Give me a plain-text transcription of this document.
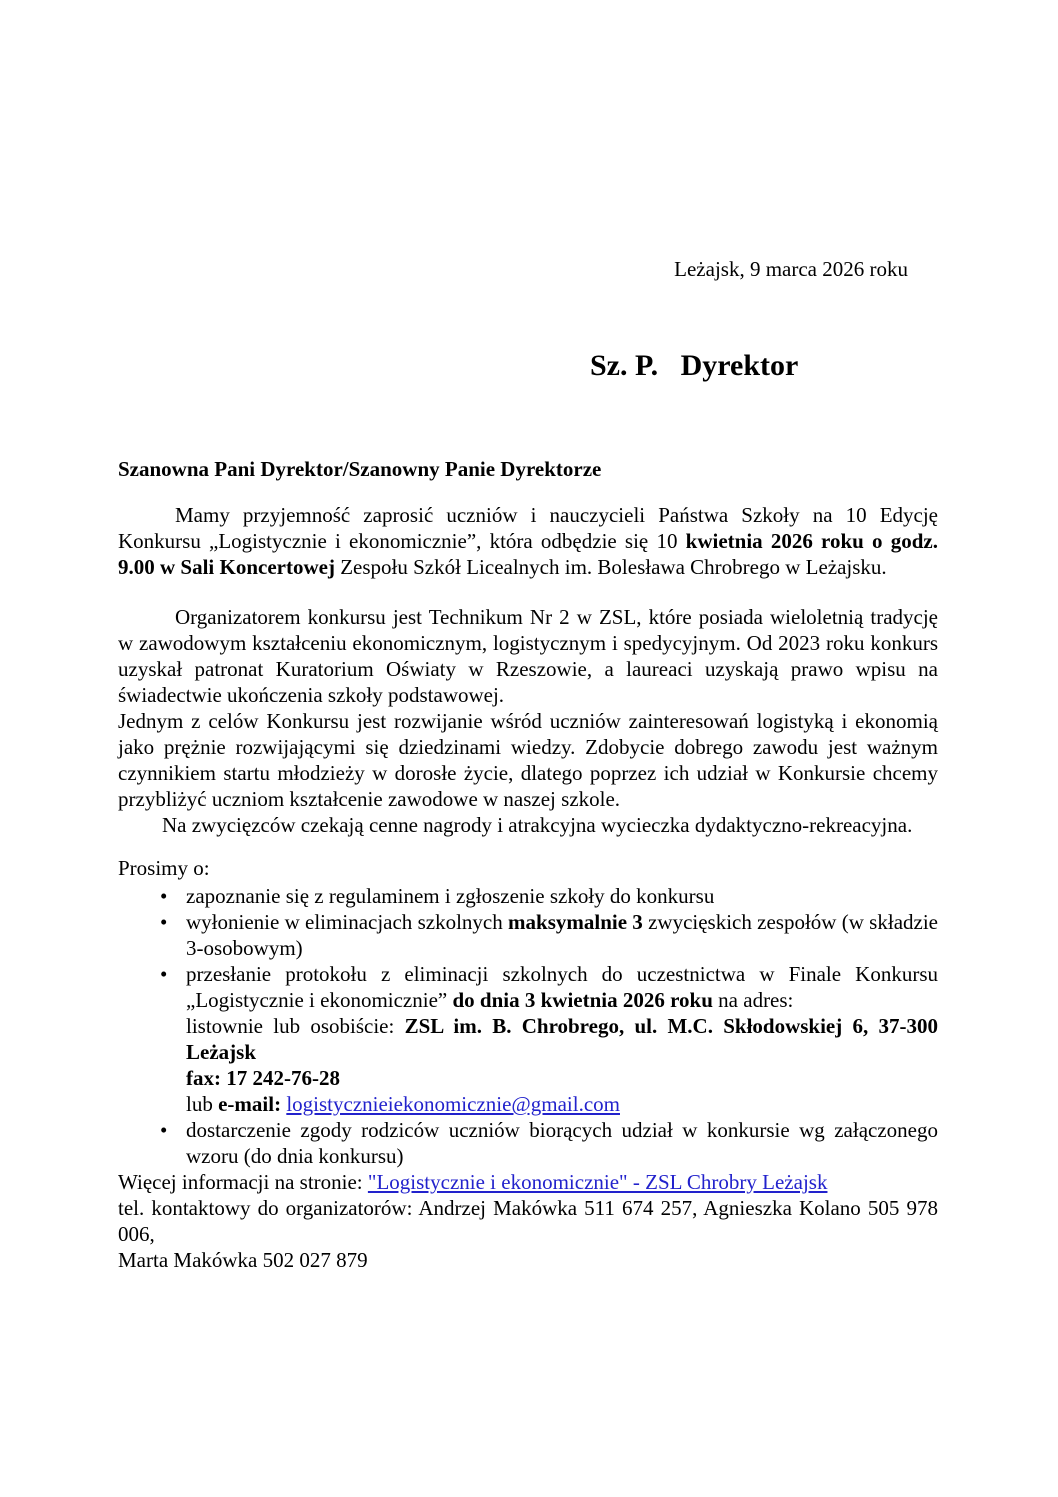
Leżajsk, 9 marca 2026 roku

Sz. P.   Dyrektor

Szanowna Pani Dyrektor/Szanowny Panie Dyrektorze

Mamy przyjemność zaprosić uczniów i nauczycieli Państwa Szkoły na 10 Edycję Konkursu „Logistycznie i ekonomicznie”, która odbędzie się 10 kwietnia 2026 roku o godz. 9.00 w Sali Koncertowej Zespołu Szkół Licealnych im. Bolesława Chrobrego w Leżajsku.

Organizatorem konkursu jest Technikum Nr 2 w ZSL, które posiada wieloletnią tradycję w zawodowym kształceniu ekonomicznym, logistycznym i spedycyjnym. Od 2023 roku konkurs uzyskał patronat Kuratorium Oświaty w Rzeszowie, a laureaci uzyskają prawo wpisu na świadectwie ukończenia szkoły podstawowej.

Jednym z celów Konkursu jest rozwijanie wśród uczniów zainteresowań logistyką i ekonomią jako prężnie rozwijającymi się dziedzinami wiedzy. Zdobycie dobrego zawodu jest ważnym czynnikiem startu młodzieży w dorosłe życie, dlatego poprzez ich udział w Konkursie chcemy przybliżyć uczniom kształcenie zawodowe w naszej szkole.

Na zwycięzców czekają cenne nagrody i atrakcyjna wycieczka dydaktyczno-rekreacyjna.

Prosimy o:

• zapoznanie się z regulaminem i zgłoszenie szkoły do konkursu
• wyłonienie w eliminacjach szkolnych maksymalnie 3 zwycięskich zespołów (w składzie 3-osobowym)
• przesłanie protokołu z eliminacji szkolnych do uczestnictwa w Finale Konkursu „Logistycznie i ekonomicznie” do dnia 3 kwietnia 2026 roku na adres:
listownie lub osobiście: ZSL im. B. Chrobrego, ul. M.C. Skłodowskiej 6, 37-300 Leżajsk
fax: 17 242-76-28
lub e-mail: logistycznieiekonomicznie@gmail.com
• dostarczenie zgody rodziców uczniów biorących udział w konkursie wg załączonego wzoru (do dnia konkursu)

Więcej informacji na stronie: "Logistycznie i ekonomicznie" - ZSL Chrobry Leżajsk

tel. kontaktowy do organizatorów: Andrzej Makówka 511 674 257, Agnieszka Kolano 505 978 006,
Marta Makówka 502 027 879
